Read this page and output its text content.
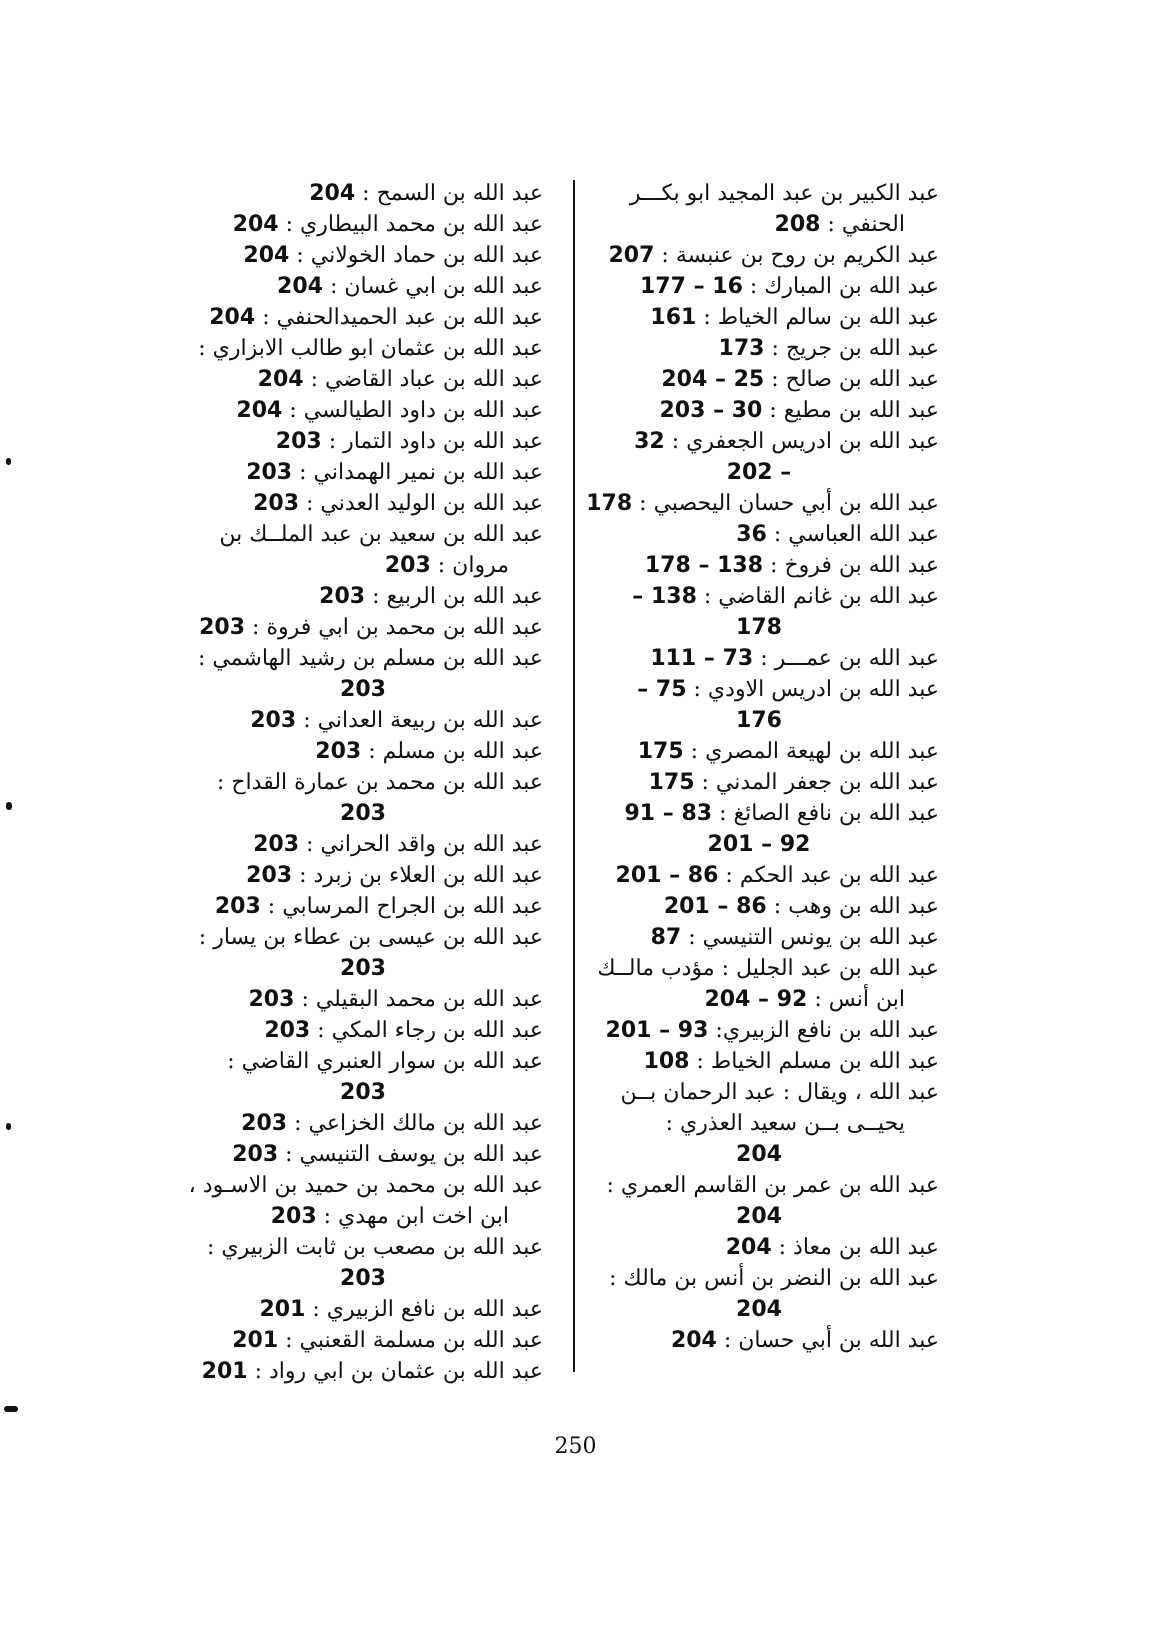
عبد الكبير بن عبد المجيد ابو بكـــر
الحنفي : 208
عبد الكريم بن روح بن عنبسة : 207
عبد الله بن المبارك : 16 – 177
عبد الله بن سالم الخياط : 161
عبد الله بن جريج : 173
عبد الله بن صالح : 25 – 204
عبد الله بن مطيع : 30 – 203
عبد الله بن ادريس الجعفري : 32
– 202
عبد الله بن أبي حسان اليحصبي : 178
عبد الله العباسي : 36
عبد الله بن فروخ : 138 – 178
عبد الله بن غانم القاضي : 138 –
178
عبد الله بن عمـــر : 73 – 111
عبد الله بن ادريس الاودي : 75 –
176
عبد الله بن لهيعة المصري : 175
عبد الله بن جعفر المدني : 175
عبد الله بن نافع الصائغ : 83 – 91
92 – 201
عبد الله بن عبد الحكم : 86 – 201
عبد الله بن وهب : 86 – 201
عبد الله بن يونس التنيسي : 87
عبد الله بن عبد الجليل : مؤدب مالــك
ابن أنس : 92 – 204
عبد الله بن نافع الزبيري: 93 – 201
عبد الله بن مسلم الخياط : 108
عبد الله ، ويقال : عبد الرحمان بــن
يحيــى بــن سعيد العذري :
204
عبد الله بن عمر بن القاسم العمري :
204
عبد الله بن معاذ : 204
عبد الله بن النضر بن أنس بن مالك :
204
عبد الله بن أبي حسان : 204
عبد الله بن السمح : 204
عبد الله بن محمد البيطاري : 204
عبد الله بن حماد الخولاني : 204
عبد الله بن ابي غسان : 204
عبد الله بن عبد الحميدالحنفي : 204
عبد الله بن عثمان ابو طالب الابزاري :
عبد الله بن عباد القاضي : 204
عبد الله بن داود الطيالسي : 204
عبد الله بن داود التمار : 203
عبد الله بن نمير الهمداني : 203
عبد الله بن الوليد العدني : 203
عبد الله بن سعيد بن عبد الملــك بن
مروان : 203
عبد الله بن الربيع : 203
عبد الله بن محمد بن ابي فروة : 203
عبد الله بن مسلم بن رشيد الهاشمي :
203
عبد الله بن ربيعة العداني : 203
عبد الله بن مسلم : 203
عبد الله بن محمد بن عمارة القداح :
203
عبد الله بن واقد الحراني : 203
عبد الله بن العلاء بن زبرد : 203
عبد الله بن الجراح المرسابي : 203
عبد الله بن عيسى بن عطاء بن يسار :
203
عبد الله بن محمد البقيلي : 203
عبد الله بن رجاء المكي : 203
عبد الله بن سوار العنبري القاضي :
203
عبد الله بن مالك الخزاعي : 203
عبد الله بن يوسف التنيسي : 203
عبد الله بن محمد بن حميد بن الاسـود ،
ابن اخت ابن مهدي : 203
عبد الله بن مصعب بن ثابت الزبيري :
203
عبد الله بن نافع الزبيري : 201
عبد الله بن مسلمة القعنبي : 201
عبد الله بن عثمان بن ابي رواد : 201
250
